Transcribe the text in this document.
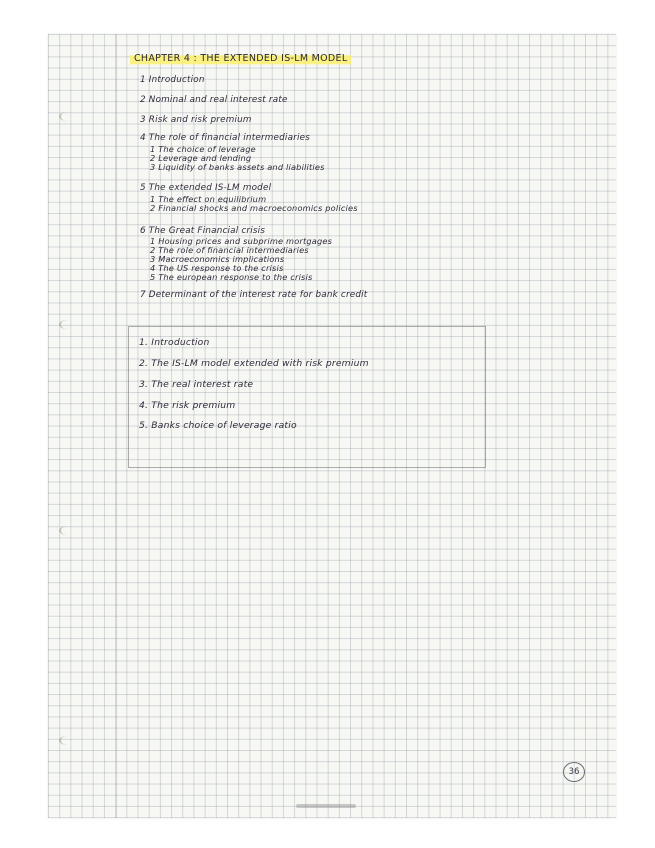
CHAPTER 4 : THE EXTENDED IS-LM MODEL
1 Introduction
2 Nominal and real interest rate
3 Risk and risk premium
4 The role of financial intermediaries
1 The choice of leverage
2 Leverage and lending
3 Liquidity of banks assets and liabilities
5 The extended IS-LM model
1 The effect on equilibrium
2 Financial shocks and macroeconomics policies
6 The Great Financial crisis
1 Housing prices and subprime mortgages
2 The role of financial intermediaries
3 Macroeconomics implications
4 The US response to the crisis
5 The european response to the crisis
7 Determinant of the interest rate for bank credit
1. Introduction
2. The IS-LM model extended with risk premium
3. The real interest rate
4. The risk premium
5. Banks choice of leverage ratio
36
